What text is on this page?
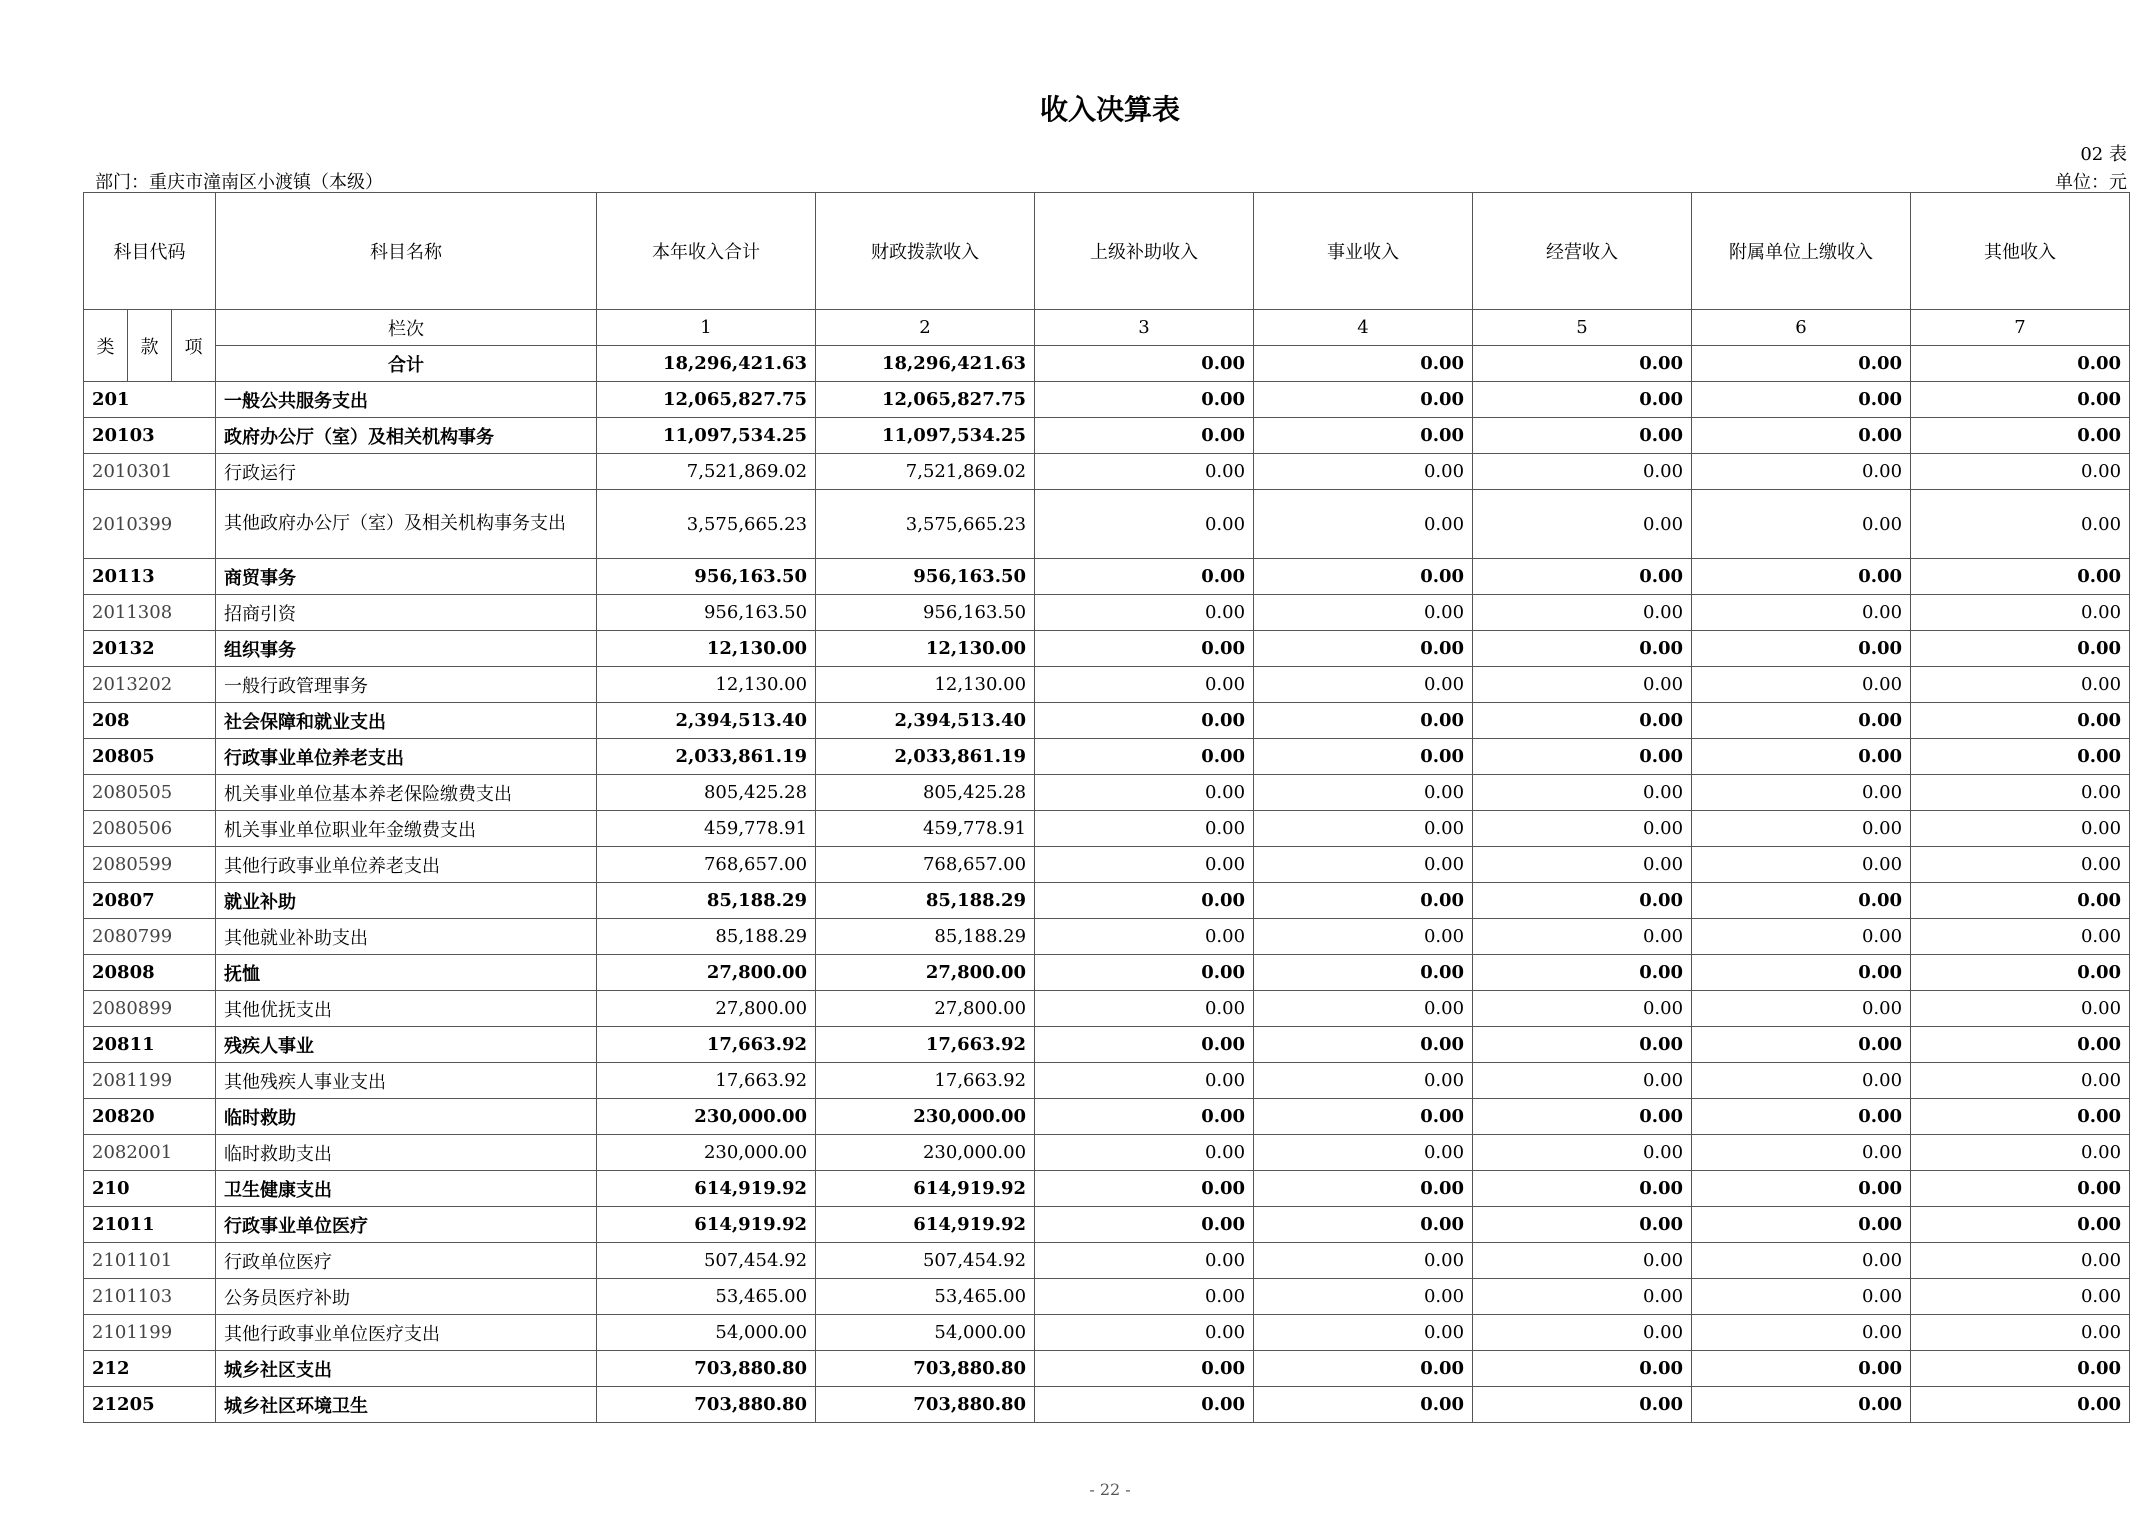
收入决算表
02 表
部门：重庆市潼南区小渡镇（本级）	单位：元
科目代码			科目名称	本年收入合计	财政拨款收入	上级补助收入	事业收入	经营收入	附属单位上缴收入	其他收入
类	款	项	栏次	1	2	3	4	5	6	7
			合计	18,296,421.63	18,296,421.63	0.00	0.00	0.00	0.00	0.00
201			一般公共服务支出	12,065,827.75	12,065,827.75	0.00	0.00	0.00	0.00	0.00
20103			政府办公厅（室）及相关机构事务	11,097,534.25	11,097,534.25	0.00	0.00	0.00	0.00	0.00
2010301			行政运行	7,521,869.02	7,521,869.02	0.00	0.00	0.00	0.00	0.00
2010399			其他政府办公厅（室）及相关机构事务支出	3,575,665.23	3,575,665.23	0.00	0.00	0.00	0.00	0.00
20113			商贸事务	956,163.50	956,163.50	0.00	0.00	0.00	0.00	0.00
2011308			招商引资	956,163.50	956,163.50	0.00	0.00	0.00	0.00	0.00
20132			组织事务	12,130.00	12,130.00	0.00	0.00	0.00	0.00	0.00
2013202			一般行政管理事务	12,130.00	12,130.00	0.00	0.00	0.00	0.00	0.00
208			社会保障和就业支出	2,394,513.40	2,394,513.40	0.00	0.00	0.00	0.00	0.00
20805			行政事业单位养老支出	2,033,861.19	2,033,861.19	0.00	0.00	0.00	0.00	0.00
2080505			机关事业单位基本养老保险缴费支出	805,425.28	805,425.28	0.00	0.00	0.00	0.00	0.00
2080506			机关事业单位职业年金缴费支出	459,778.91	459,778.91	0.00	0.00	0.00	0.00	0.00
2080599			其他行政事业单位养老支出	768,657.00	768,657.00	0.00	0.00	0.00	0.00	0.00
20807			就业补助	85,188.29	85,188.29	0.00	0.00	0.00	0.00	0.00
2080799			其他就业补助支出	85,188.29	85,188.29	0.00	0.00	0.00	0.00	0.00
20808			抚恤	27,800.00	27,800.00	0.00	0.00	0.00	0.00	0.00
2080899			其他优抚支出	27,800.00	27,800.00	0.00	0.00	0.00	0.00	0.00
20811			残疾人事业	17,663.92	17,663.92	0.00	0.00	0.00	0.00	0.00
2081199			其他残疾人事业支出	17,663.92	17,663.92	0.00	0.00	0.00	0.00	0.00
20820			临时救助	230,000.00	230,000.00	0.00	0.00	0.00	0.00	0.00
2082001			临时救助支出	230,000.00	230,000.00	0.00	0.00	0.00	0.00	0.00
210			卫生健康支出	614,919.92	614,919.92	0.00	0.00	0.00	0.00	0.00
21011			行政事业单位医疗	614,919.92	614,919.92	0.00	0.00	0.00	0.00	0.00
2101101			行政单位医疗	507,454.92	507,454.92	0.00	0.00	0.00	0.00	0.00
2101103			公务员医疗补助	53,465.00	53,465.00	0.00	0.00	0.00	0.00	0.00
2101199			其他行政事业单位医疗支出	54,000.00	54,000.00	0.00	0.00	0.00	0.00	0.00
212			城乡社区支出	703,880.80	703,880.80	0.00	0.00	0.00	0.00	0.00
21205			城乡社区环境卫生	703,880.80	703,880.80	0.00	0.00	0.00	0.00	0.00
- 22 -
